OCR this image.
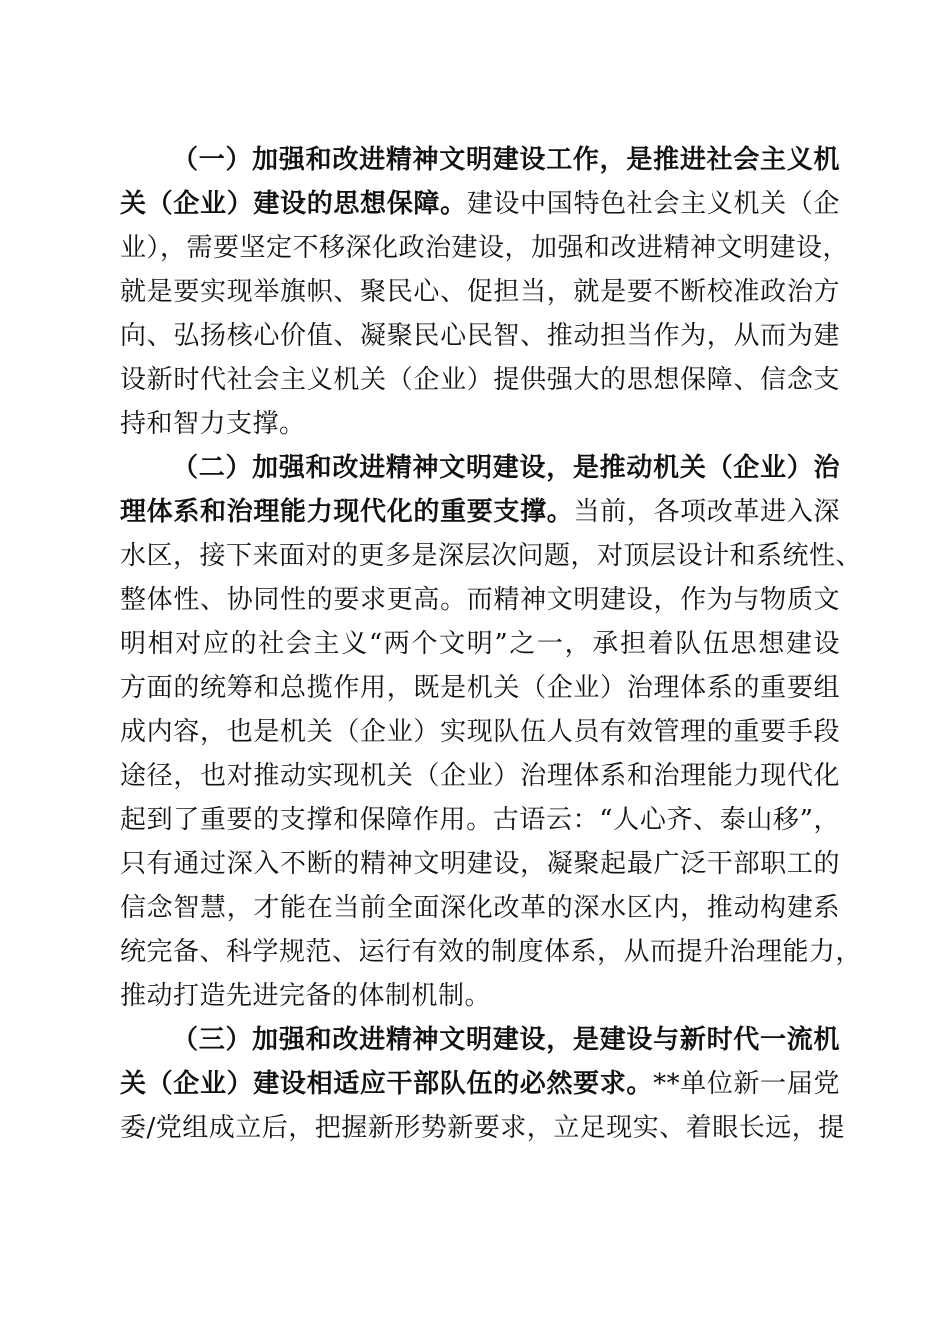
（一）加强和改进精神文明建设工作，是推进社会主义机
关（企业）建设的思想保障。建设中国特色社会主义机关（企
业），需要坚定不移深化政治建设，加强和改进精神文明建设，
就是要实现举旗帜、聚民心、促担当，就是要不断校准政治方
向、弘扬核心价值、凝聚民心民智、推动担当作为，从而为建
设新时代社会主义机关（企业）提供强大的思想保障、信念支
持和智力支撑。
（二）加强和改进精神文明建设，是推动机关（企业）治
理体系和治理能力现代化的重要支撑。当前，各项改革进入深
水区，接下来面对的更多是深层次问题，对顶层设计和系统性、
整体性、协同性的要求更高。而精神文明建设，作为与物质文
明相对应的社会主义“两个文明”之一，承担着队伍思想建设
方面的统筹和总揽作用，既是机关（企业）治理体系的重要组
成内容，也是机关（企业）实现队伍人员有效管理的重要手段
途径，也对推动实现机关（企业）治理体系和治理能力现代化
起到了重要的支撑和保障作用。古语云：“人心齐、泰山移”，
只有通过深入不断的精神文明建设，凝聚起最广泛干部职工的
信念智慧，才能在当前全面深化改革的深水区内，推动构建系
统完备、科学规范、运行有效的制度体系，从而提升治理能力，
推动打造先进完备的体制机制。
（三）加强和改进精神文明建设，是建设与新时代一流机
关（企业）建设相适应干部队伍的必然要求。**单位新一届党
委/党组成立后，把握新形势新要求，立足现实、着眼长远，提
